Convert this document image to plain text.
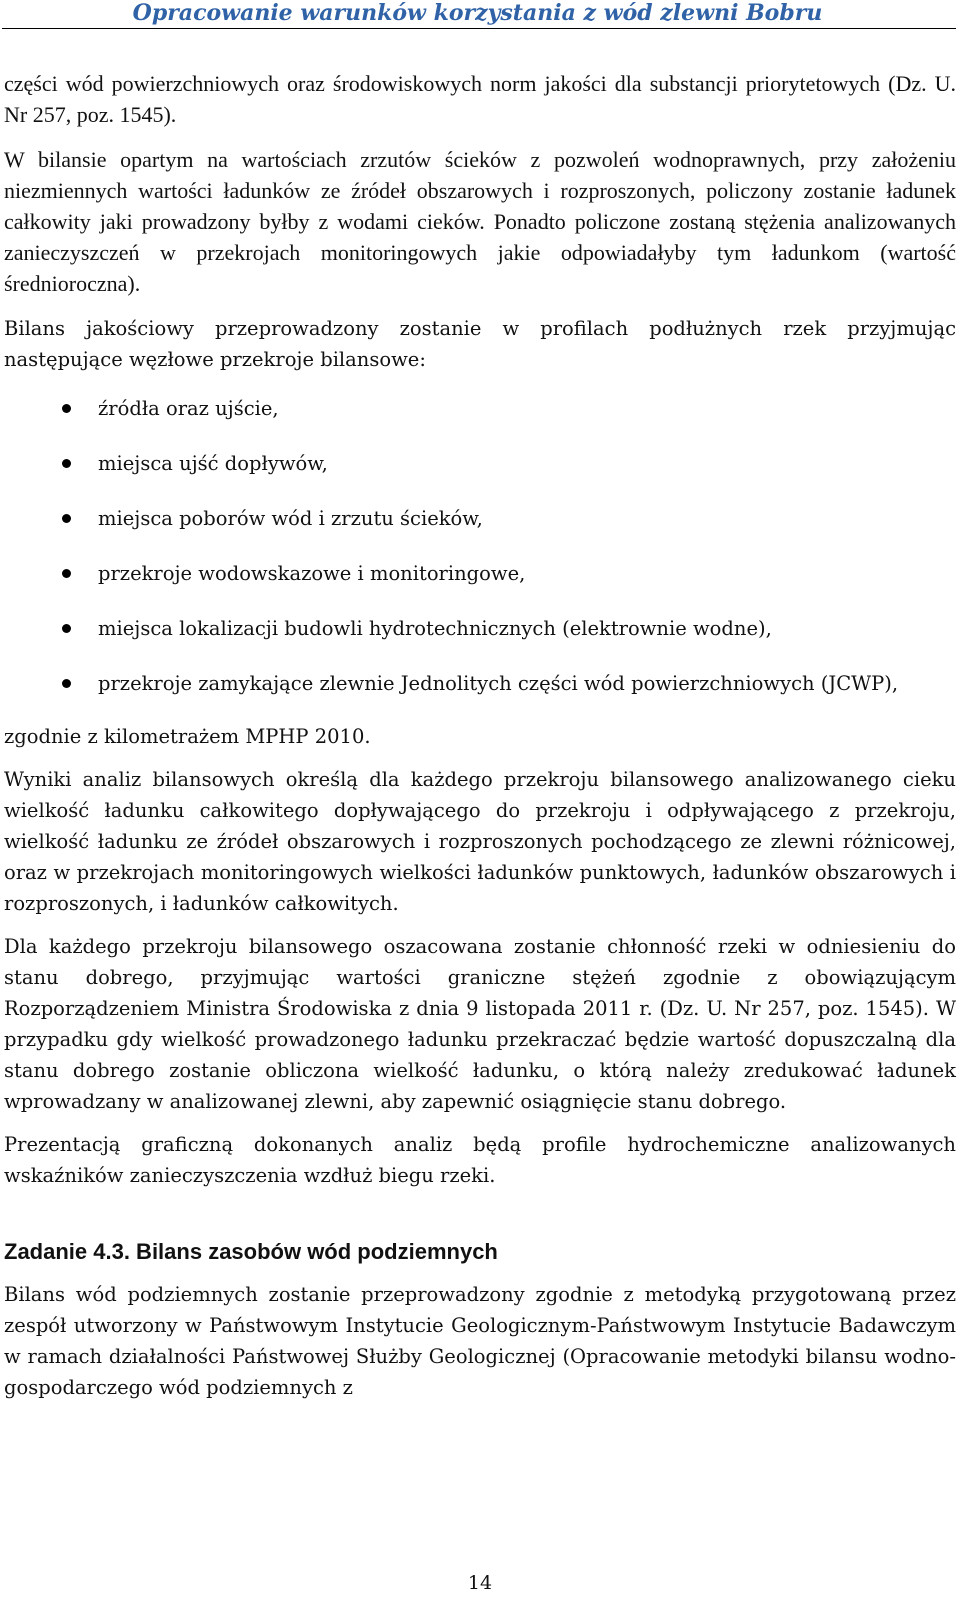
Opracowanie warunków korzystania z wód zlewni Bobru

części wód powierzchniowych oraz środowiskowych norm jakości dla substancji priorytetowych (Dz. U. Nr 257, poz. 1545).

W bilansie opartym na wartościach zrzutów ścieków z pozwoleń wodnoprawnych, przy założeniu niezmiennych wartości ładunków ze źródeł obszarowych i rozproszonych, policzony zostanie ładunek całkowity jaki prowadzony byłby z wodami cieków. Ponadto policzone zostaną stężenia analizowanych zanieczyszczeń w przekrojach monitoringowych jakie odpowiadałyby tym ładunkom (wartość średnioroczna).

Bilans jakościowy przeprowadzony zostanie w profilach podłużnych rzek przyjmując następujące węzłowe przekroje bilansowe:

źródła oraz ujście,
miejsca ujść dopływów,
miejsca poborów wód i zrzutu ścieków,
przekroje wodowskazowe i monitoringowe,
miejsca lokalizacji budowli hydrotechnicznych (elektrownie wodne),
przekroje zamykające zlewnie Jednolitych części wód powierzchniowych (JCWP),

zgodnie z kilometrażem MPHP 2010.

Wyniki analiz bilansowych określą dla każdego przekroju bilansowego analizowanego cieku wielkość ładunku całkowitego dopływającego do przekroju i odpływającego z przekroju, wielkość ładunku ze źródeł obszarowych i rozproszonych pochodzącego ze zlewni różnicowej, oraz w przekrojach monitoringowych wielkości ładunków punktowych, ładunków obszarowych i rozproszonych, i ładunków całkowitych.

Dla każdego przekroju bilansowego oszacowana zostanie chłonność rzeki w odniesieniu do stanu dobrego, przyjmując wartości graniczne stężeń zgodnie z obowiązującym Rozporządzeniem Ministra Środowiska z dnia 9 listopada 2011 r. (Dz. U. Nr 257, poz. 1545). W przypadku gdy wielkość prowadzonego ładunku przekraczać będzie wartość dopuszczalną dla stanu dobrego zostanie obliczona wielkość ładunku, o którą należy zredukować ładunek wprowadzany w analizowanej zlewni, aby zapewnić osiągnięcie stanu dobrego.

Prezentacją graficzną dokonanych analiz będą profile hydrochemiczne analizowanych wskaźników zanieczyszczenia wzdłuż biegu rzeki.

Zadanie 4.3. Bilans zasobów wód podziemnych

Bilans wód podziemnych zostanie przeprowadzony zgodnie z metodyką przygotowaną przez zespół utworzony w Państwowym Instytucie Geologicznym-Państwowym Instytucie Badawczym w ramach działalności Państwowej Służby Geologicznej (Opracowanie metodyki bilansu wodno-gospodarczego wód podziemnych z

14
